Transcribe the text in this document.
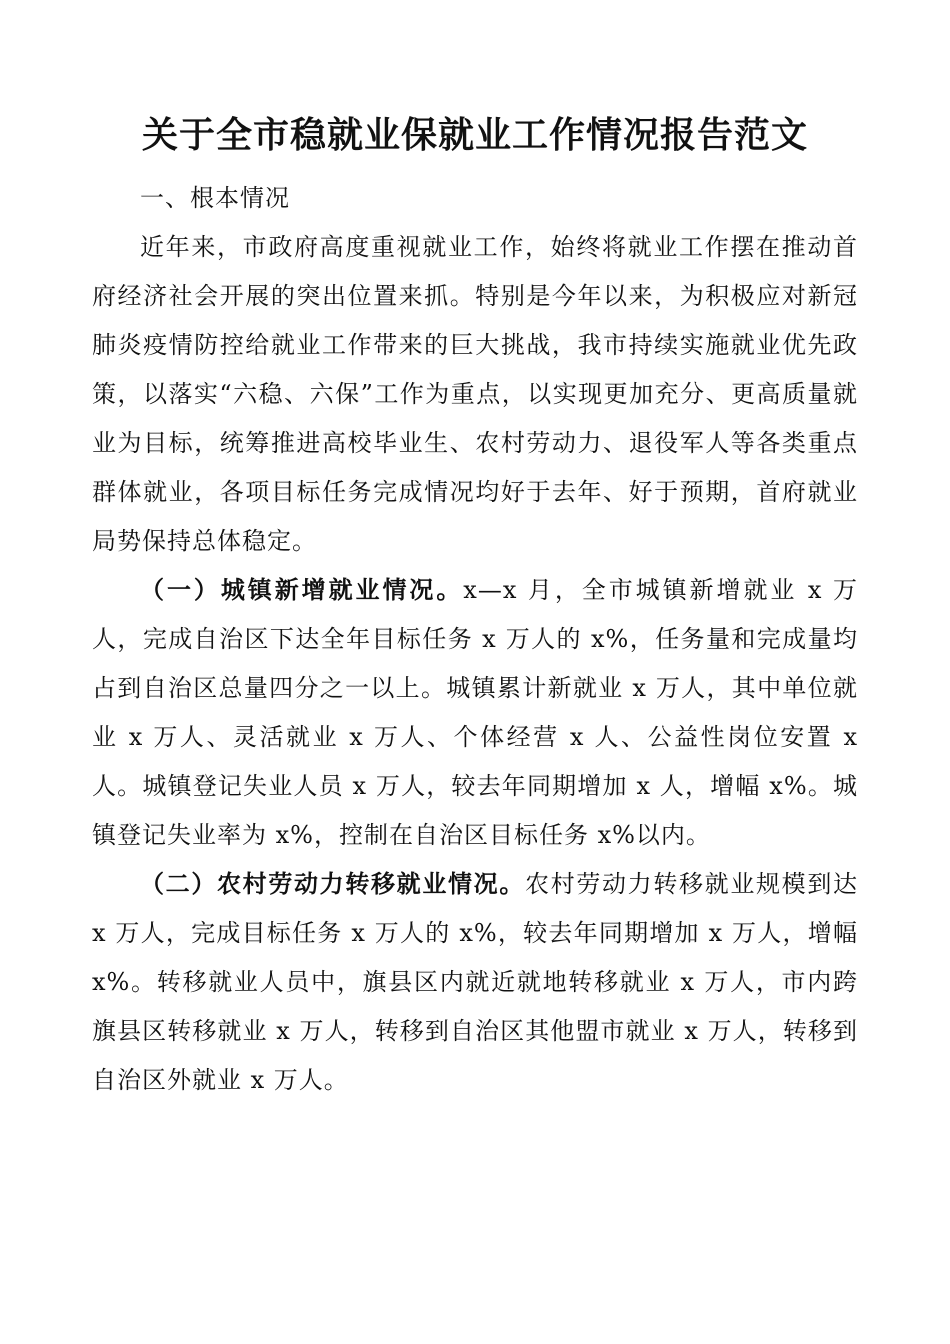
关于全市稳就业保就业工作情况报告范文
一、根本情况

近年来，市政府高度重视就业工作，始终将就业工作摆在推动首府经济社会开展的突出位置来抓。特别是今年以来，为积极应对新冠肺炎疫情防控给就业工作带来的巨大挑战，我市持续实施就业优先政策，以落实“六稳、六保”工作为重点，以实现更加充分、更高质量就业为目标，统筹推进高校毕业生、农村劳动力、退役军人等各类重点群体就业，各项目标任务完成情况均好于去年、好于预期，首府就业局势保持总体稳定。

（一）城镇新增就业情况。x—x 月，全市城镇新增就业 x 万人，完成自治区下达全年目标任务 x 万人的 x%，任务量和完成量均占到自治区总量四分之一以上。城镇累计新就业 x 万人，其中单位就业 x 万人、灵活就业 x 万人、个体经营 x 人、公益性岗位安置 x 人。城镇登记失业人员 x 万人，较去年同期增加 x 人，增幅 x%。城镇登记失业率为 x%，控制在自治区目标任务 x%以内。

（二）农村劳动力转移就业情况。农村劳动力转移就业规模到达 x 万人，完成目标任务 x 万人的 x%，较去年同期增加 x 万人，增幅 x%。转移就业人员中，旗县区内就近就地转移就业 x 万人，市内跨旗县区转移就业 x 万人，转移到自治区其他盟市就业 x 万人，转移到自治区外就业 x 万人。
